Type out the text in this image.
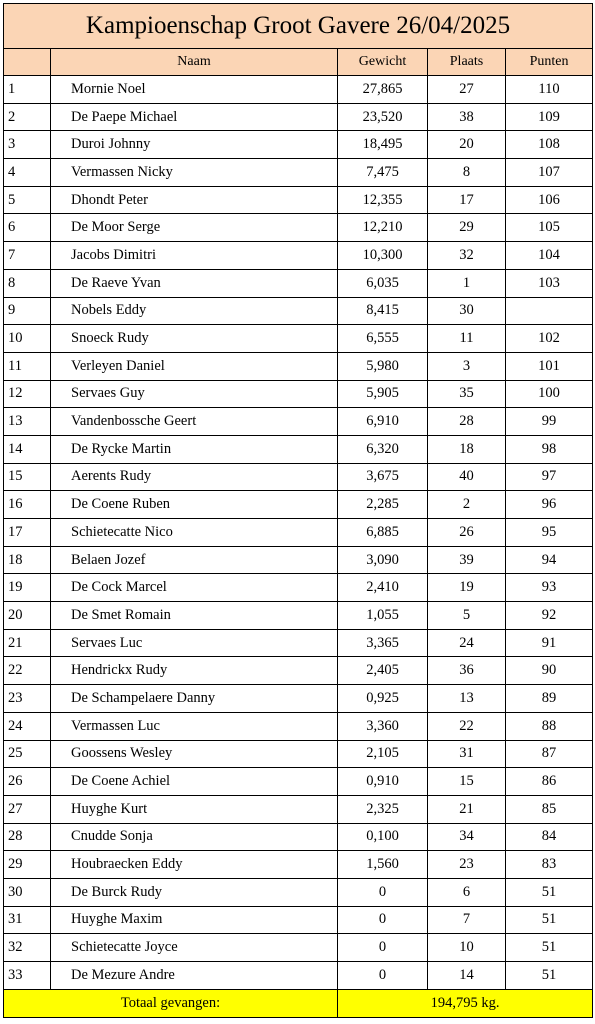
Kampioenschap Groot Gavere 26/04/2025				
	Naam	Gewicht	Plaats	Punten
1	Mornie Noel	27,865	27	110
2	De Paepe Michael	23,520	38	109
3	Duroi Johnny	18,495	20	108
4	Vermassen Nicky	7,475	8	107
5	Dhondt Peter	12,355	17	106
6	De Moor Serge	12,210	29	105
7	Jacobs Dimitri	10,300	32	104
8	De Raeve Yvan	6,035	1	103
9	Nobels Eddy	8,415	30	
10	Snoeck Rudy	6,555	11	102
11	Verleyen Daniel	5,980	3	101
12	Servaes Guy	5,905	35	100
13	Vandenbossche Geert	6,910	28	99
14	De Rycke Martin	6,320	18	98
15	Aerents Rudy	3,675	40	97
16	De Coene Ruben	2,285	2	96
17	Schietecatte Nico	6,885	26	95
18	Belaen Jozef	3,090	39	94
19	De Cock Marcel	2,410	19	93
20	De Smet Romain	1,055	5	92
21	Servaes Luc	3,365	24	91
22	Hendrickx Rudy	2,405	36	90
23	De Schampelaere Danny	0,925	13	89
24	Vermassen Luc	3,360	22	88
25	Goossens Wesley	2,105	31	87
26	De Coene Achiel	0,910	15	86
27	Huyghe Kurt	2,325	21	85
28	Cnudde Sonja	0,100	34	84
29	Houbraecken Eddy	1,560	23	83
30	De Burck Rudy	0	6	51
31	Huyghe Maxim	0	7	51
32	Schietecatte Joyce	0	10	51
33	De Mezure Andre	0	14	51
Totaal gevangen:		194,795 kg.		
